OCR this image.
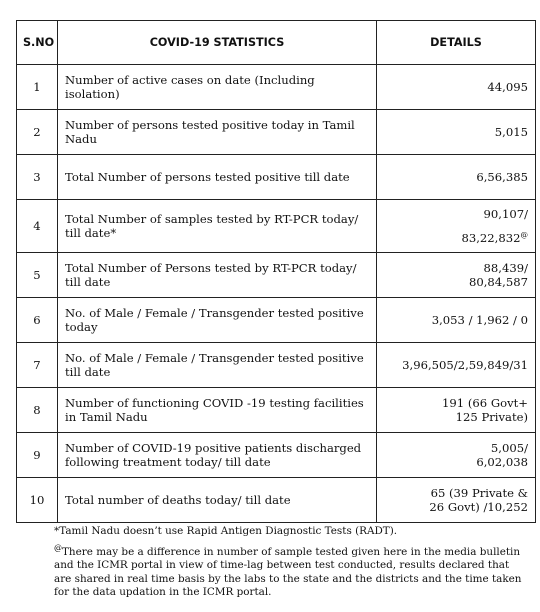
S.NO	COVID-19 STATISTICS	DETAILS
1	Number of active cases on date (Including isolation)	44,095

2	Number of persons tested positive today in Tamil Nadu	5,015

3	Total Number of persons tested positive till date	6,56,385

4	Total Number of samples tested by RT-PCR today/ till date*	90,107/
83,22,832@

5	Total Number of Persons tested by RT-PCR today/ till date	88,439/
80,84,587

6	No. of Male / Female / Transgender tested positive today	3,053 / 1,962 / 0

7	No. of Male / Female / Transgender tested positive till date	3,96,505/2,59,849/31

8	Number of functioning COVID -19 testing facilities in Tamil Nadu	191 (66 Govt+
125 Private)

9	Number of COVID-19 positive patients discharged following treatment today/ till date	5,005/
6,02,038

10	Total number of deaths today/ till date	65 (39 Private &
26 Govt) /10,252
*Tamil Nadu doesn’t use Rapid Antigen Diagnostic Tests (RADT).
@There may be a difference in number of sample tested given here in the media bulletin and the ICMR portal in view of time-lag between test conducted, results declared that are shared in real time basis by the labs to the state and the districts and the time taken for the data updation in the ICMR portal.
